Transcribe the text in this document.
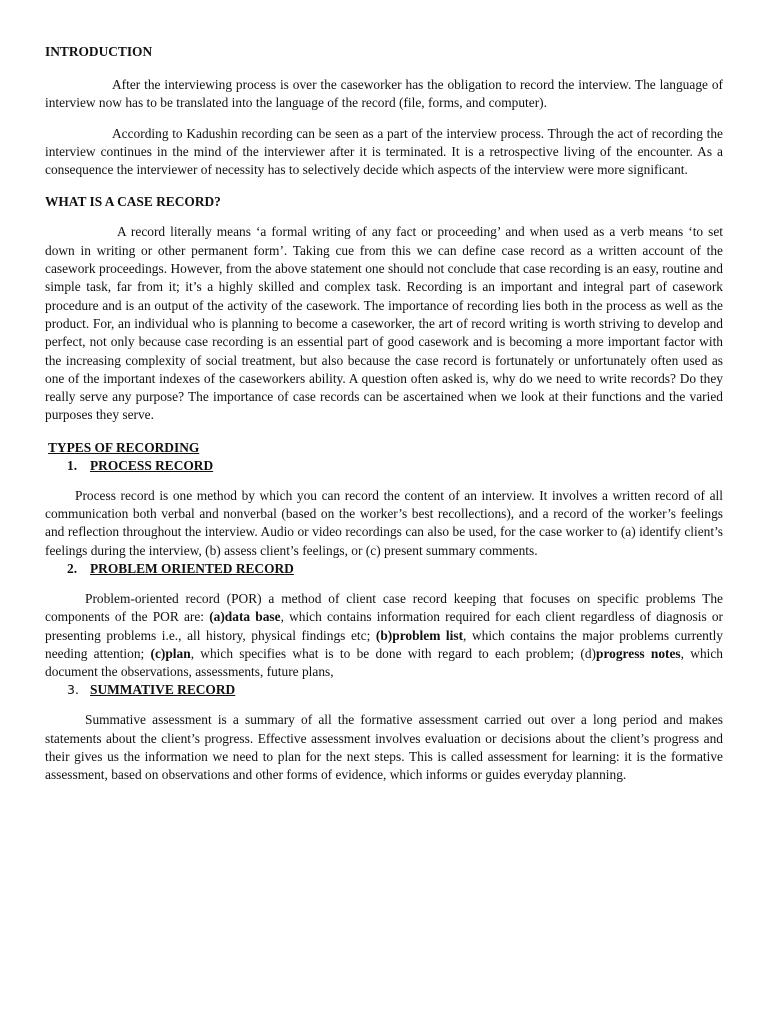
INTRODUCTION

After the interviewing process is over the caseworker has the obligation to record the interview. The language of interview now has to be translated into the language of the record (file, forms, and computer).

According to Kadushin recording can be seen as a part of the interview process. Through the act of recording the interview continues in the mind of the interviewer after it is terminated. It is a retrospective living of the encounter. As a consequence the interviewer of necessity has to selectively decide which aspects of the interview were more significant.

WHAT IS A CASE RECORD?

A record literally means ‘a formal writing of any fact or proceeding’ and when used as a verb means ‘to set down in writing or other permanent form’. Taking cue from this we can define case record as a written account of the casework proceedings. However, from the above statement one should not conclude that case recording is an easy, routine and simple task, far from it; it’s a highly skilled and complex task. Recording is an important and integral part of casework procedure and is an output of the activity of the casework. The importance of recording lies both in the process as well as the product. For, an individual who is planning to become a caseworker, the art of record writing is worth striving to develop and perfect, not only because case recording is an essential part of good casework and is becoming a more important factor with the increasing complexity of social treatment, but also because the case record is fortunately or unfortunately often used as one of the important indexes of the caseworkers ability. A question often asked is, why do we need to write records? Do they really serve any purpose? The importance of case records can be ascertained when we look at their functions and the varied purposes they serve.

TYPES OF RECORDING

1. PROCESS RECORD

Process record is one method by which you can record the content of an interview. It involves a written record of all communication both verbal and nonverbal (based on the worker’s best recollections), and a record of the worker’s feelings and reflection throughout the interview. Audio or video recordings can also be used, for the case worker to (a) identify client’s feelings during the interview, (b) assess client’s feelings, or (c) present summary comments.

2. PROBLEM ORIENTED RECORD

Problem-oriented record (POR) a method of client case record keeping that focuses on specific problems The components of the POR are: (a)data base, which contains information required for each client regardless of diagnosis or presenting problems i.e., all history, physical findings etc; (b)problem list, which contains the major problems currently needing attention; (c)plan, which specifies what is to be done with regard to each problem; (d)progress notes, which document the observations, assessments, future plans,

3. SUMMATIVE RECORD

Summative assessment is a summary of all the formative assessment carried out over a long period and makes statements about the client’s progress. Effective assessment involves evaluation or decisions about the client’s progress and their gives us the information we need to plan for the next steps. This is called assessment for learning: it is the formative assessment, based on observations and other forms of evidence, which informs or guides everyday planning.
